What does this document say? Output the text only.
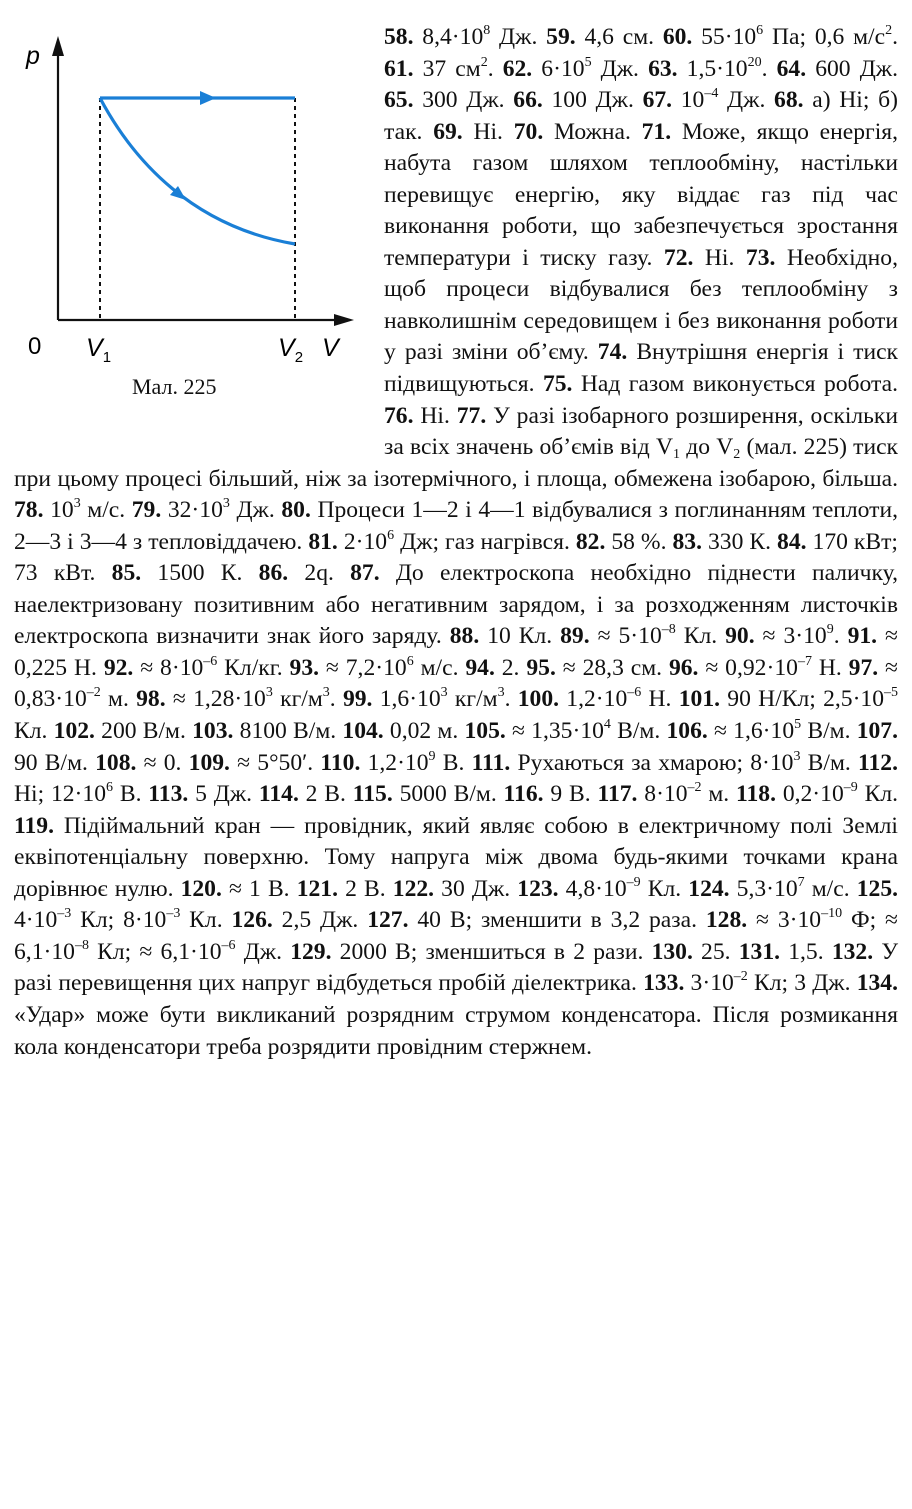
p
0 $V_1$	$V_2$ V
Мал. 225
58. $8,4\cdot 10^8$ Дж. 59. 4,6 см. 60. $55\cdot 10^6$ Па; 0,6 $м/с^2$. 61. 37 $см^2$. 62. $6\cdot 10^5$ Дж. 63. $1,5\cdot 10^{20}$. 64. 600 Дж. 65. 300 Дж. 66. 100 Дж. 67. $10^{-4}$ Дж. 68. а) Ні; б) так. 69. Ні. 70. Можна. 71. Може, якщо енергія, набута газом шляхом теплообміну, настільки перевищує енергію, яку віддає газ під час виконання роботи, що забезпечується зростання температури і тиску газу. 72. Ні. 73. Необхідно, щоб процеси відбувалися без теплообміну з навколишнім середовищем і без виконання роботи у разі зміни об’єму. 74. Внутрішня енергія і тиск підвищуються. 75. Над газом виконується робота. 76. Ні. 77. У разі ізобарного розширення, оскільки за всіх значень об’ємів від $V_1$ до $V_2$ (мал. 225) тиск при цьому процесі більший, ніж за ізотермічного, і площа, обмежена ізобарою, більша. 78. $10^3$ м/с. 79. $32\cdot 10^3$ Дж. 80. Процеси 1—2 і 4—1 відбувалися з поглинанням теплоти, 2—3 і 3—4 з тепловіддачею. 81. $2\cdot 10^6$ Дж; газ нагрівся. 82. 58 %. 83. 330 К. 84. 170 кВт; 73 кВт. 85. 1500 К. 86. 2q. 87. До електроскопа необхідно піднести паличку, наелектризовану позитивним або негативним зарядом, і за розходженням листочків електроскопа визначити знак його заряду. 88. 10 Кл. 89. ≈ $5\cdot 10^{-8}$ Кл. 90. ≈ $3\cdot 10^9$. 91. ≈ 0,225 Н. 92. ≈ $8\cdot 10^{-6}$ Кл/кг. 93. ≈ $7,2\cdot 10^6$ м/с. 94. 2. 95. ≈ 28,3 см. 96. ≈ $0,92\cdot 10^{-7}$ Н. 97. ≈ $0,83\cdot 10^{-2}$ м. 98. ≈ $1,28\cdot 10^3$ $кг/м^3$. 99. $1,6\cdot 10^3$ $кг/м^3$. 100. $1,2\cdot 10^{-6}$ Н. 101. 90 Н/Кл; $2,5\cdot 10^{-5}$ Кл. 102. 200 В/м. 103. 8100 В/м. 104. 0,02 м. 105. ≈ $1,35\cdot 10^4$ В/м. 106. ≈ $1,6\cdot 10^5$ В/м. 107. 90 В/м. 108. ≈ 0. 109. ≈ 5°50′. 110. $1,2\cdot 10^9$ В. 111. Рухаються за хмарою; $8\cdot 10^3$ В/м. 112. Ні; $12\cdot 10^6$ В. 113. 5 Дж. 114. 2 В. 115. 5000 В/м. 116. 9 В. 117. $8\cdot 10^{-2}$ м. 118. $0,2\cdot 10^{-9}$ Кл. 119. Підіймальний кран — провідник, який являє собою в електричному полі Землі еквіпотенціальну поверхню. Тому напруга між двома будь-якими точками крана дорівнює нулю. 120. ≈ 1 В. 121. 2 В. 122. 30 Дж. 123. $4,8\cdot 10^{-9}$ Кл. 124. $5,3\cdot 10^7$ м/с. 125. $4\cdot 10^{-3}$ Кл; $8\cdot 10^{-3}$ Кл. 126. 2,5 Дж. 127. 40 В; зменшити в 3,2 раза. 128. ≈ $3\cdot 10^{-10}$ Ф; ≈ $6,1\cdot 10^{-8}$ Кл; ≈ $6,1\cdot 10^{-6}$ Дж. 129. 2000 В; зменшиться в 2 рази. 130. 25. 131. 1,5. 132. У разі перевищення цих напруг відбудеться пробій діелектрика. 133. $3\cdot 10^{-2}$ Кл; 3 Дж. 134. «Удар» може бути викликаний розрядним струмом конденсатора. Після розмикання кола конденсатори треба розрядити провідним стержнем.
